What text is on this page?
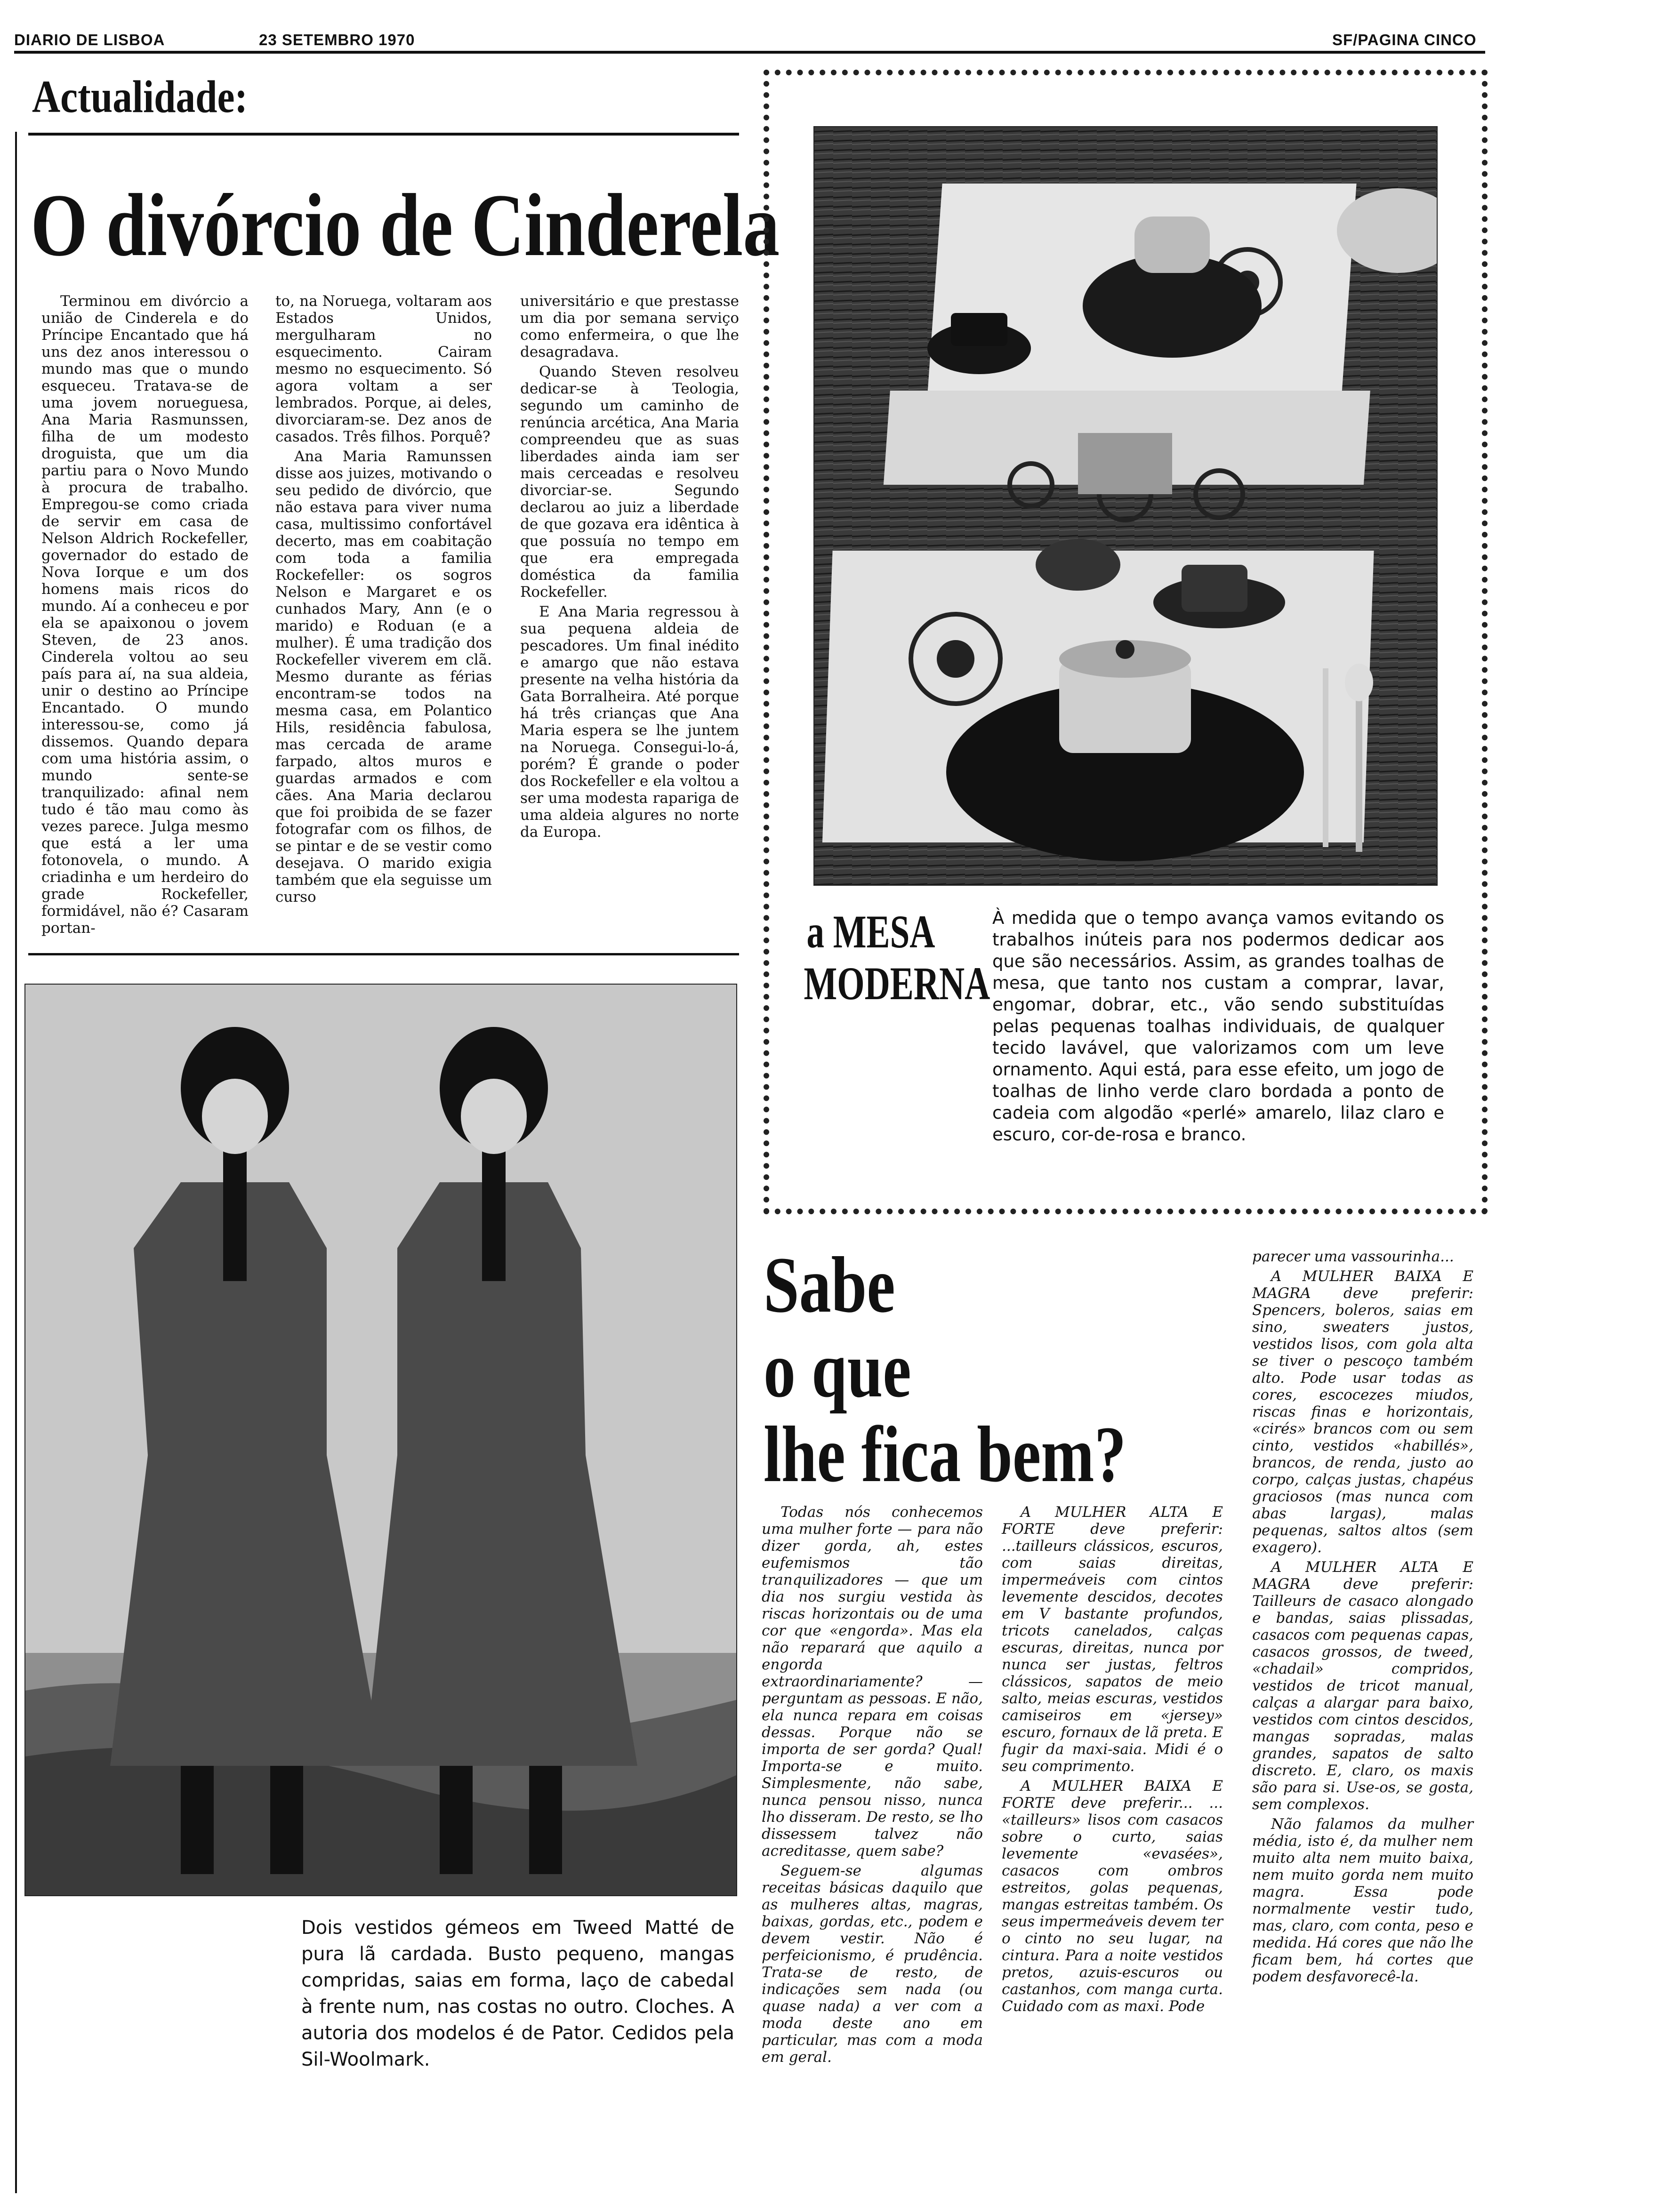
DIARIO DE LISBOA	23 SETEMBRO 1970	SF/PAGINA CINCO
Actualidade:
O divórcio de Cinderela

Terminou em divórcio a união de Cinderela e do Príncipe Encantado que há uns dez anos interessou o mundo mas que o mundo esqueceu. Tratava-se de uma jovem norueguesa, Ana Maria Rasmunssen, filha de um modesto droguista, que um dia partiu para o Novo Mundo à procura de trabalho. Empregou-se como criada de servir em casa de Nelson Aldrich Rockefeller, governador do estado de Nova Iorque e um dos homens mais ricos do mundo. Aí a conheceu e por ela se apaixonou o jovem Steven, de 23 anos. Cinderela voltou ao seu país para aí, na sua aldeia, unir o destino ao Príncipe Encantado. O mundo interessou-se, como já dissemos. Quando depara com uma história assim, o mundo sente-se tranquilizado: afinal nem tudo é tão mau como às vezes parece. Julga mesmo que está a ler uma fotonovela, o mundo. A criadinha e um herdeiro do grade Rockefeller, formidável, não é? Casaram portan-

to, na Noruega, voltaram aos Estados Unidos, mergulharam no esquecimento. Cairam mesmo no esquecimento. Só agora voltam a ser lembrados. Porque, ai deles, divorciaram-se. Dez anos de casados. Três filhos. Porquê?

Ana Maria Ramunssen disse aos juizes, motivando o seu pedido de divórcio, que não estava para viver numa casa, multissimo confortável decerto, mas em coabitação com toda a familia Rockefeller: os sogros Nelson e Margaret e os cunhados Mary, Ann (e o marido) e Roduan (e a mulher). É uma tradição dos Rockefeller viverem em clã. Mesmo durante as férias encontram-se todos na mesma casa, em Polantico Hils, residência fabulosa, mas cercada de arame farpado, altos muros e guardas armados e com cães. Ana Maria declarou que foi proibida de se fazer fotografar com os filhos, de se pintar e de se vestir como desejava. O marido exigia também que ela seguisse um curso

universitário e que prestasse um dia por semana serviço como enfermeira, o que lhe desagradava.

Quando Steven resolveu dedicar-se à Teologia, segundo um caminho de renúncia arcética, Ana Maria compreendeu que as suas liberdades ainda iam ser mais cerceadas e resolveu divorciar-se. Segundo declarou ao juiz a liberdade de que gozava era idêntica à que possuía no tempo em que era empregada doméstica da familia Rockefeller.

E Ana Maria regressou à sua pequena aldeia de pescadores. Um final inédito e amargo que não estava presente na velha história da Gata Borralheira. Até porque há três crianças que Ana Maria espera se lhe juntem na Noruega. Consegui-lo-á, porém? É grande o poder dos Rockefeller e ela voltou a ser uma modesta rapariga de uma aldeia algures no norte da Europa.

a MESA
MODERNA
À medida que o tempo avança vamos evitando os trabalhos inúteis para nos podermos dedicar aos que são necessários. Assim, as grandes toalhas de mesa, que tanto nos custam a comprar, lavar, engomar, dobrar, etc., vão sendo substituídas pelas pequenas toalhas individuais, de qualquer tecido lavável, que valorizamos com um leve ornamento. Aqui está, para esse efeito, um jogo de toalhas de linho verde claro bordada a ponto de cadeia com algodão «perlé» amarelo, lilaz claro e escuro, cor-de-rosa e branco.
Dois vestidos gémeos em Tweed Matté de pura lã cardada. Busto pequeno, mangas compridas, saias em forma, laço de cabedal à frente num, nas costas no outro. Cloches. A autoria dos modelos é de Pator. Cedidos pela Sil-Woolmark.
Sabe
o que
lhe fica bem?

Todas nós conhecemos uma mulher forte — para não dizer gorda, ah, estes eufemismos tão tranquilizadores — que um dia nos surgiu vestida às riscas horizontais ou de uma cor que «engorda». Mas ela não reparará que aquilo a engorda extraordinariamente? — perguntam as pessoas. E não, ela nunca repara em coisas dessas. Porque não se importa de ser gorda? Qual! Importa-se e muito. Simplesmente, não sabe, nunca pensou nisso, nunca lho disseram. De resto, se lho dissessem talvez não acreditasse, quem sabe?

Seguem-se algumas receitas básicas daquilo que as mulheres altas, magras, baixas, gordas, etc., podem e devem vestir. Não é perfeicionismo, é prudência. Trata-se de resto, de indicações sem nada (ou quase nada) a ver com a moda deste ano em particular, mas com a moda em geral.

A MULHER ALTA E FORTE deve preferir: ...tailleurs clássicos, escuros, com saias direitas, impermeáveis com cintos levemente descidos, decotes em V bastante profundos, tricots canelados, calças escuras, direitas, nunca por nunca ser justas, feltros clássicos, sapatos de meio salto, meias escuras, vestidos camiseiros em «jersey» escuro, fornaux de lã preta. E fugir da maxi-saia. Midi é o seu comprimento.

A MULHER BAIXA E FORTE deve preferir... ... «tailleurs» lisos com casacos sobre o curto, saias levemente «evasées», casacos com ombros estreitos, golas pequenas, mangas estreitas também. Os seus impermeáveis devem ter o cinto no seu lugar, na cintura. Para a noite vestidos pretos, azuis-escuros ou castanhos, com manga curta. Cuidado com as maxi. Pode

parecer uma vassourinha...

A MULHER BAIXA E MAGRA deve preferir: Spencers, boleros, saias em sino, sweaters justos, vestidos lisos, com gola alta se tiver o pescoço também alto. Pode usar todas as cores, escocezes miudos, riscas finas e horizontais, «cirés» brancos com ou sem cinto, vestidos «habillés», brancos, de renda, justo ao corpo, calças justas, chapéus graciosos (mas nunca com abas largas), malas pequenas, saltos altos (sem exagero).

A MULHER ALTA E MAGRA deve preferir: Tailleurs de casaco alongado e bandas, saias plissadas, casacos com pequenas capas, casacos grossos, de tweed, «chadail» compridos, vestidos de tricot manual, calças a alargar para baixo, vestidos com cintos descidos, mangas sopradas, malas grandes, sapatos de salto discreto. E, claro, os maxis são para si. Use-os, se gosta, sem complexos.

Não falamos da mulher média, isto é, da mulher nem muito alta nem muito baixa, nem muito gorda nem muito magra. Essa pode normalmente vestir tudo, mas, claro, com conta, peso e medida. Há cores que não lhe ficam bem, há cortes que podem desfavorecê-la.
